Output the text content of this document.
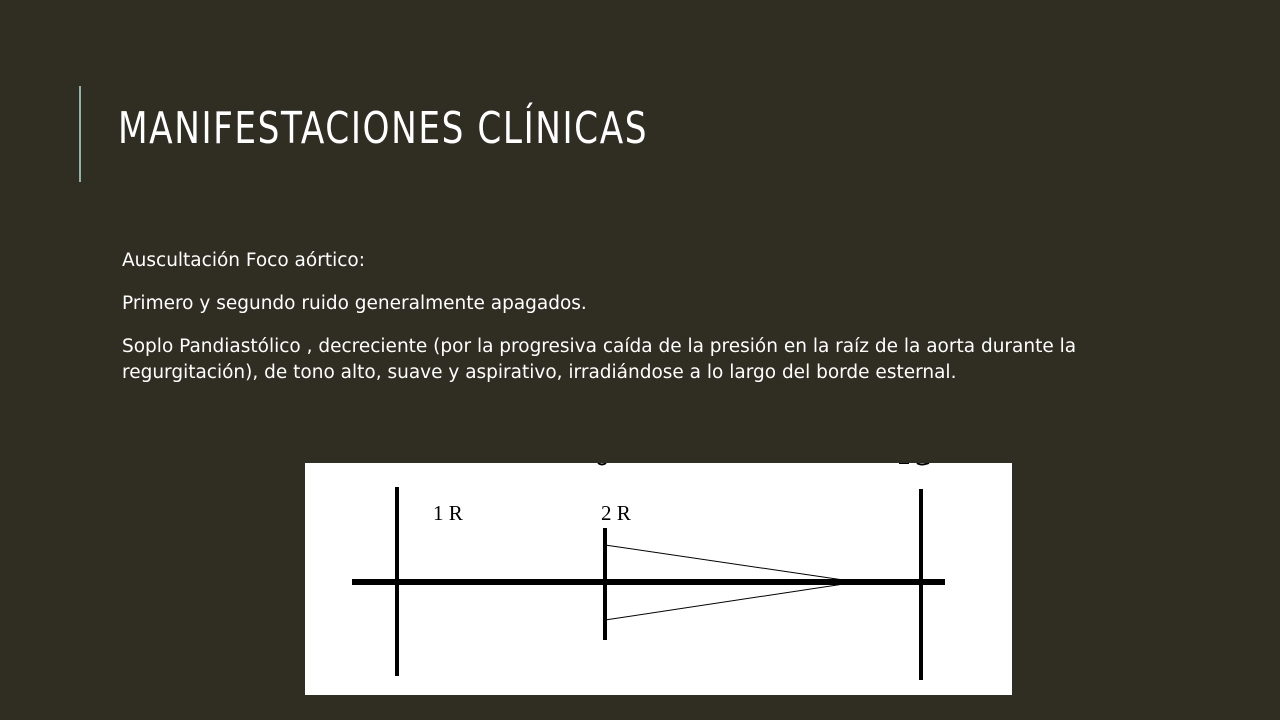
MANIFESTACIONES CLÍNICAS

Auscultación Foco aórtico:

Primero y segundo ruido generalmente apagados.

Soplo Pandiastólico , decreciente (por la progresiva caída de la presión en la raíz de la aorta durante la regurgitación), de tono alto, suave y aspirativo, irradiándose a lo largo del borde esternal.

1 R	2 R
